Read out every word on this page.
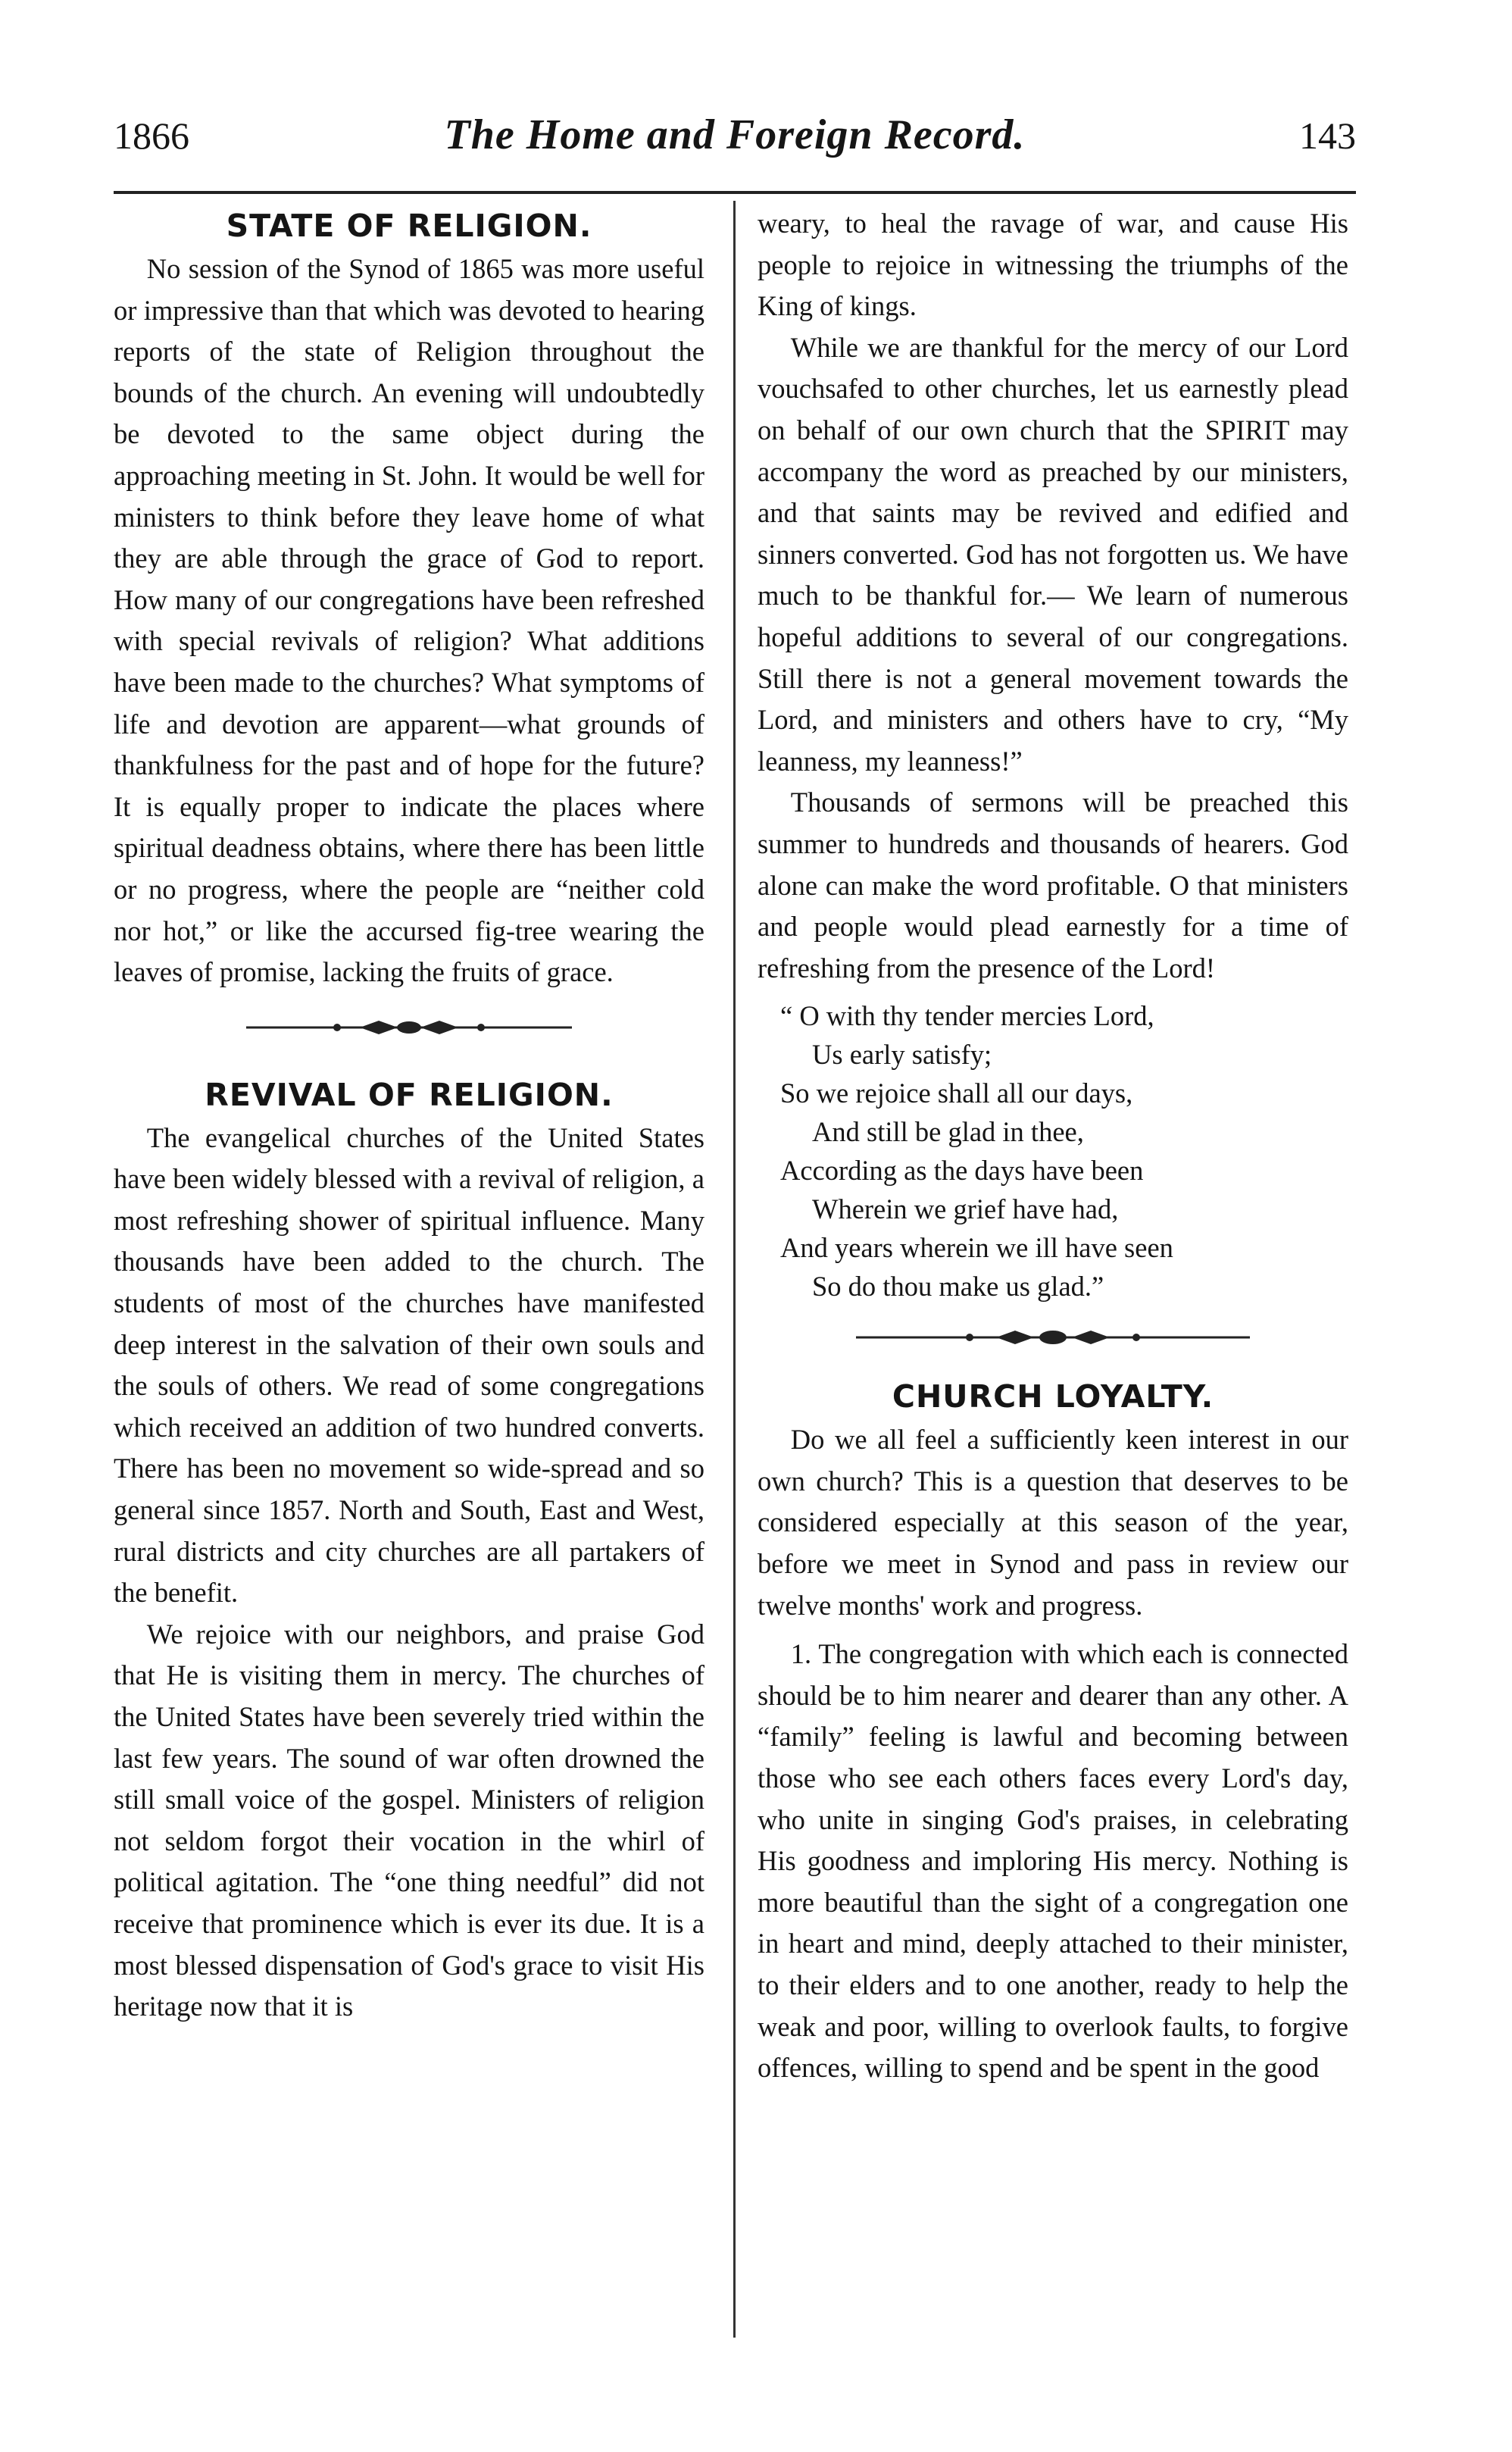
1866	The Home and Foreign Record.	143
STATE OF RELIGION.

No session of the Synod of 1865 was more useful or impressive than that which was devoted to hearing reports of the state of Religion throughout the bounds of the church. An evening will undoubtedly be devoted to the same object during the approaching meeting in St. John. It would be well for ministers to think before they leave home of what they are able through the grace of God to report. How many of our congregations have been refreshed with special revivals of religion? What additions have been made to the churches? What symptoms of life and devotion are apparent—what grounds of thankfulness for the past and of hope for the future? It is equally proper to indicate the places where spiritual deadness obtains, where there has been little or no progress, where the people are “neither cold nor hot,” or like the accursed fig-tree wearing the leaves of promise, lacking the fruits of grace.

REVIVAL OF RELIGION.

The evangelical churches of the United States have been widely blessed with a revival of religion, a most refreshing shower of spiritual influence. Many thousands have been added to the church. The students of most of the churches have manifested deep interest in the salvation of their own souls and the souls of others. We read of some congregations which received an addition of two hundred converts. There has been no movement so wide-spread and so general since 1857. North and South, East and West, rural districts and city churches are all partakers of the benefit.

We rejoice with our neighbors, and praise God that He is visiting them in mercy. The churches of the United States have been severely tried within the last few years. The sound of war often drowned the still small voice of the gospel. Ministers of religion not seldom forgot their vocation in the whirl of political agitation. The “one thing needful” did not receive that prominence which is ever its due. It is a most blessed dispensation of God's grace to visit His heritage now that it is

weary, to heal the ravage of war, and cause His people to rejoice in witnessing the triumphs of the King of kings.

While we are thankful for the mercy of our Lord vouchsafed to other churches, let us earnestly plead on behalf of our own church that the SPIRIT may accompany the word as preached by our ministers, and that saints may be revived and edified and sinners converted. God has not forgotten us. We have much to be thankful for.— We learn of numerous hopeful additions to several of our congregations. Still there is not a general movement towards the Lord, and ministers and others have to cry, “My leanness, my leanness!”

Thousands of sermons will be preached this summer to hundreds and thousands of hearers. God alone can make the word profitable. O that ministers and people would plead earnestly for a time of refreshing from the presence of the Lord!

“ O with thy tender mercies Lord,
Us early satisfy;
So we rejoice shall all our days,
And still be glad in thee,
According as the days have been
Wherein we grief have had,
And years wherein we ill have seen
So do thou make us glad.”
CHURCH LOYALTY.

Do we all feel a sufficiently keen interest in our own church? This is a question that deserves to be considered especially at this season of the year, before we meet in Synod and pass in review our twelve months' work and progress.

1. The congregation with which each is connected should be to him nearer and dearer than any other. A “family” feeling is lawful and becoming between those who see each others faces every Lord's day, who unite in singing God's praises, in celebrating His goodness and imploring His mercy. Nothing is more beautiful than the sight of a congregation one in heart and mind, deeply attached to their minister, to their elders and to one another, ready to help the weak and poor, willing to overlook faults, to forgive offences, willing to spend and be spent in the good
